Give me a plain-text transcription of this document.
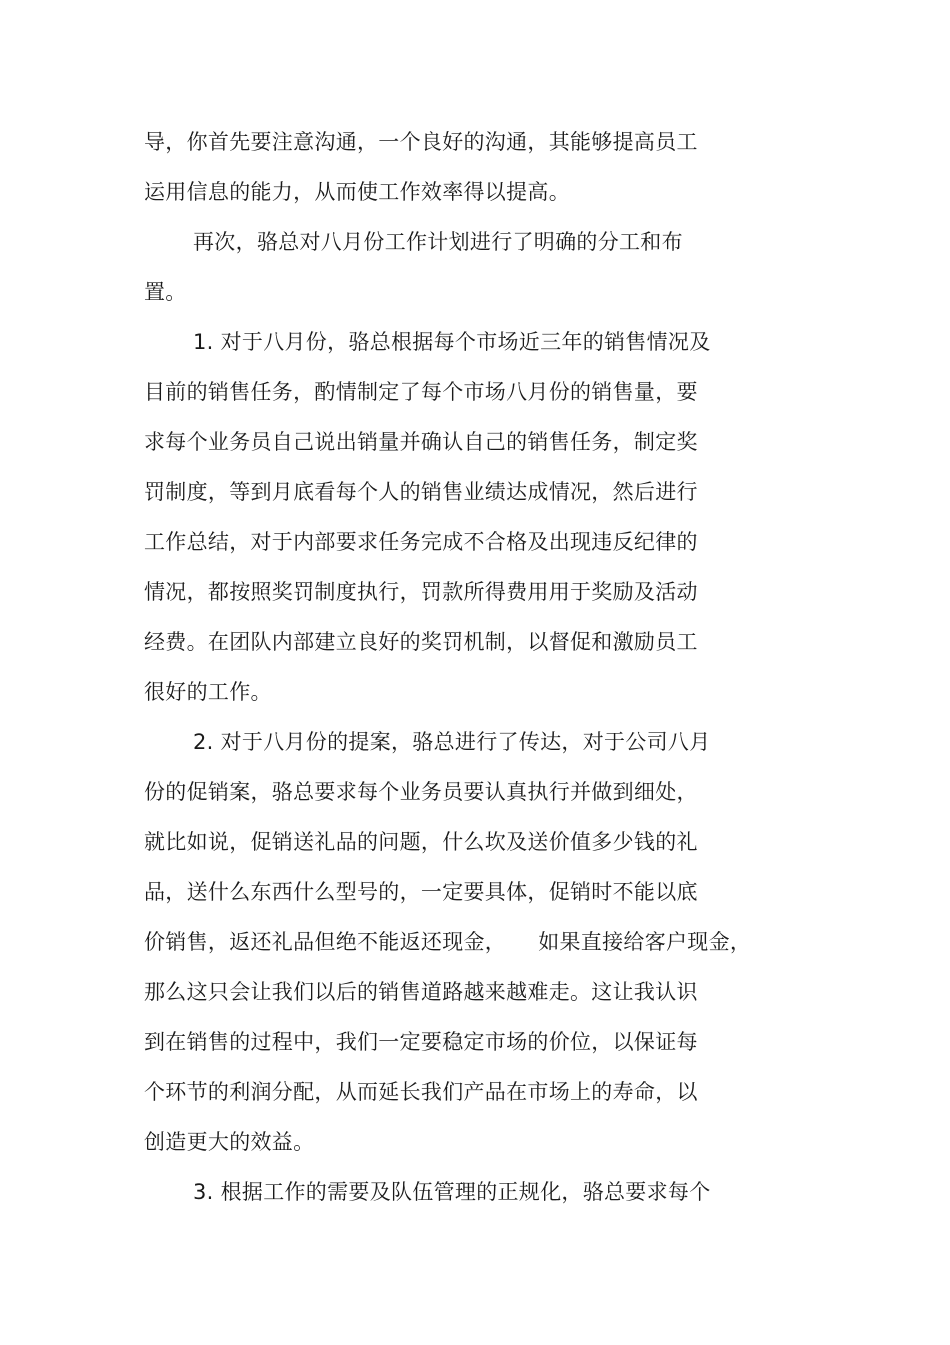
导，你首先要注意沟通，一个良好的沟通，其能够提高员工
运用信息的能力，从而使工作效率得以提高。
再次，骆总对八月份工作计划进行了明确的分工和布
置。
1. 对于八月份，骆总根据每个市场近三年的销售情况及
目前的销售任务，酌情制定了每个市场八月份的销售量，要
求每个业务员自己说出销量并确认自己的销售任务，制定奖
罚制度，等到月底看每个人的销售业绩达成情况，然后进行
工作总结，对于内部要求任务完成不合格及出现违反纪律的
情况，都按照奖罚制度执行，罚款所得费用用于奖励及活动
经费。在团队内部建立良好的奖罚机制，以督促和激励员工
很好的工作。
2. 对于八月份的提案，骆总进行了传达，对于公司八月
份的促销案，骆总要求每个业务员要认真执行并做到细处，
就比如说，促销送礼品的问题，什么坎及送价值多少钱的礼
品，送什么东西什么型号的，一定要具体，促销时不能以底
价销售，返还礼品但绝不能返还现金，　　如果直接给客户现金，
那么这只会让我们以后的销售道路越来越难走。这让我认识
到在销售的过程中，我们一定要稳定市场的价位，以保证每
个环节的利润分配，从而延长我们产品在市场上的寿命，以
创造更大的效益。
3. 根据工作的需要及队伍管理的正规化，骆总要求每个
